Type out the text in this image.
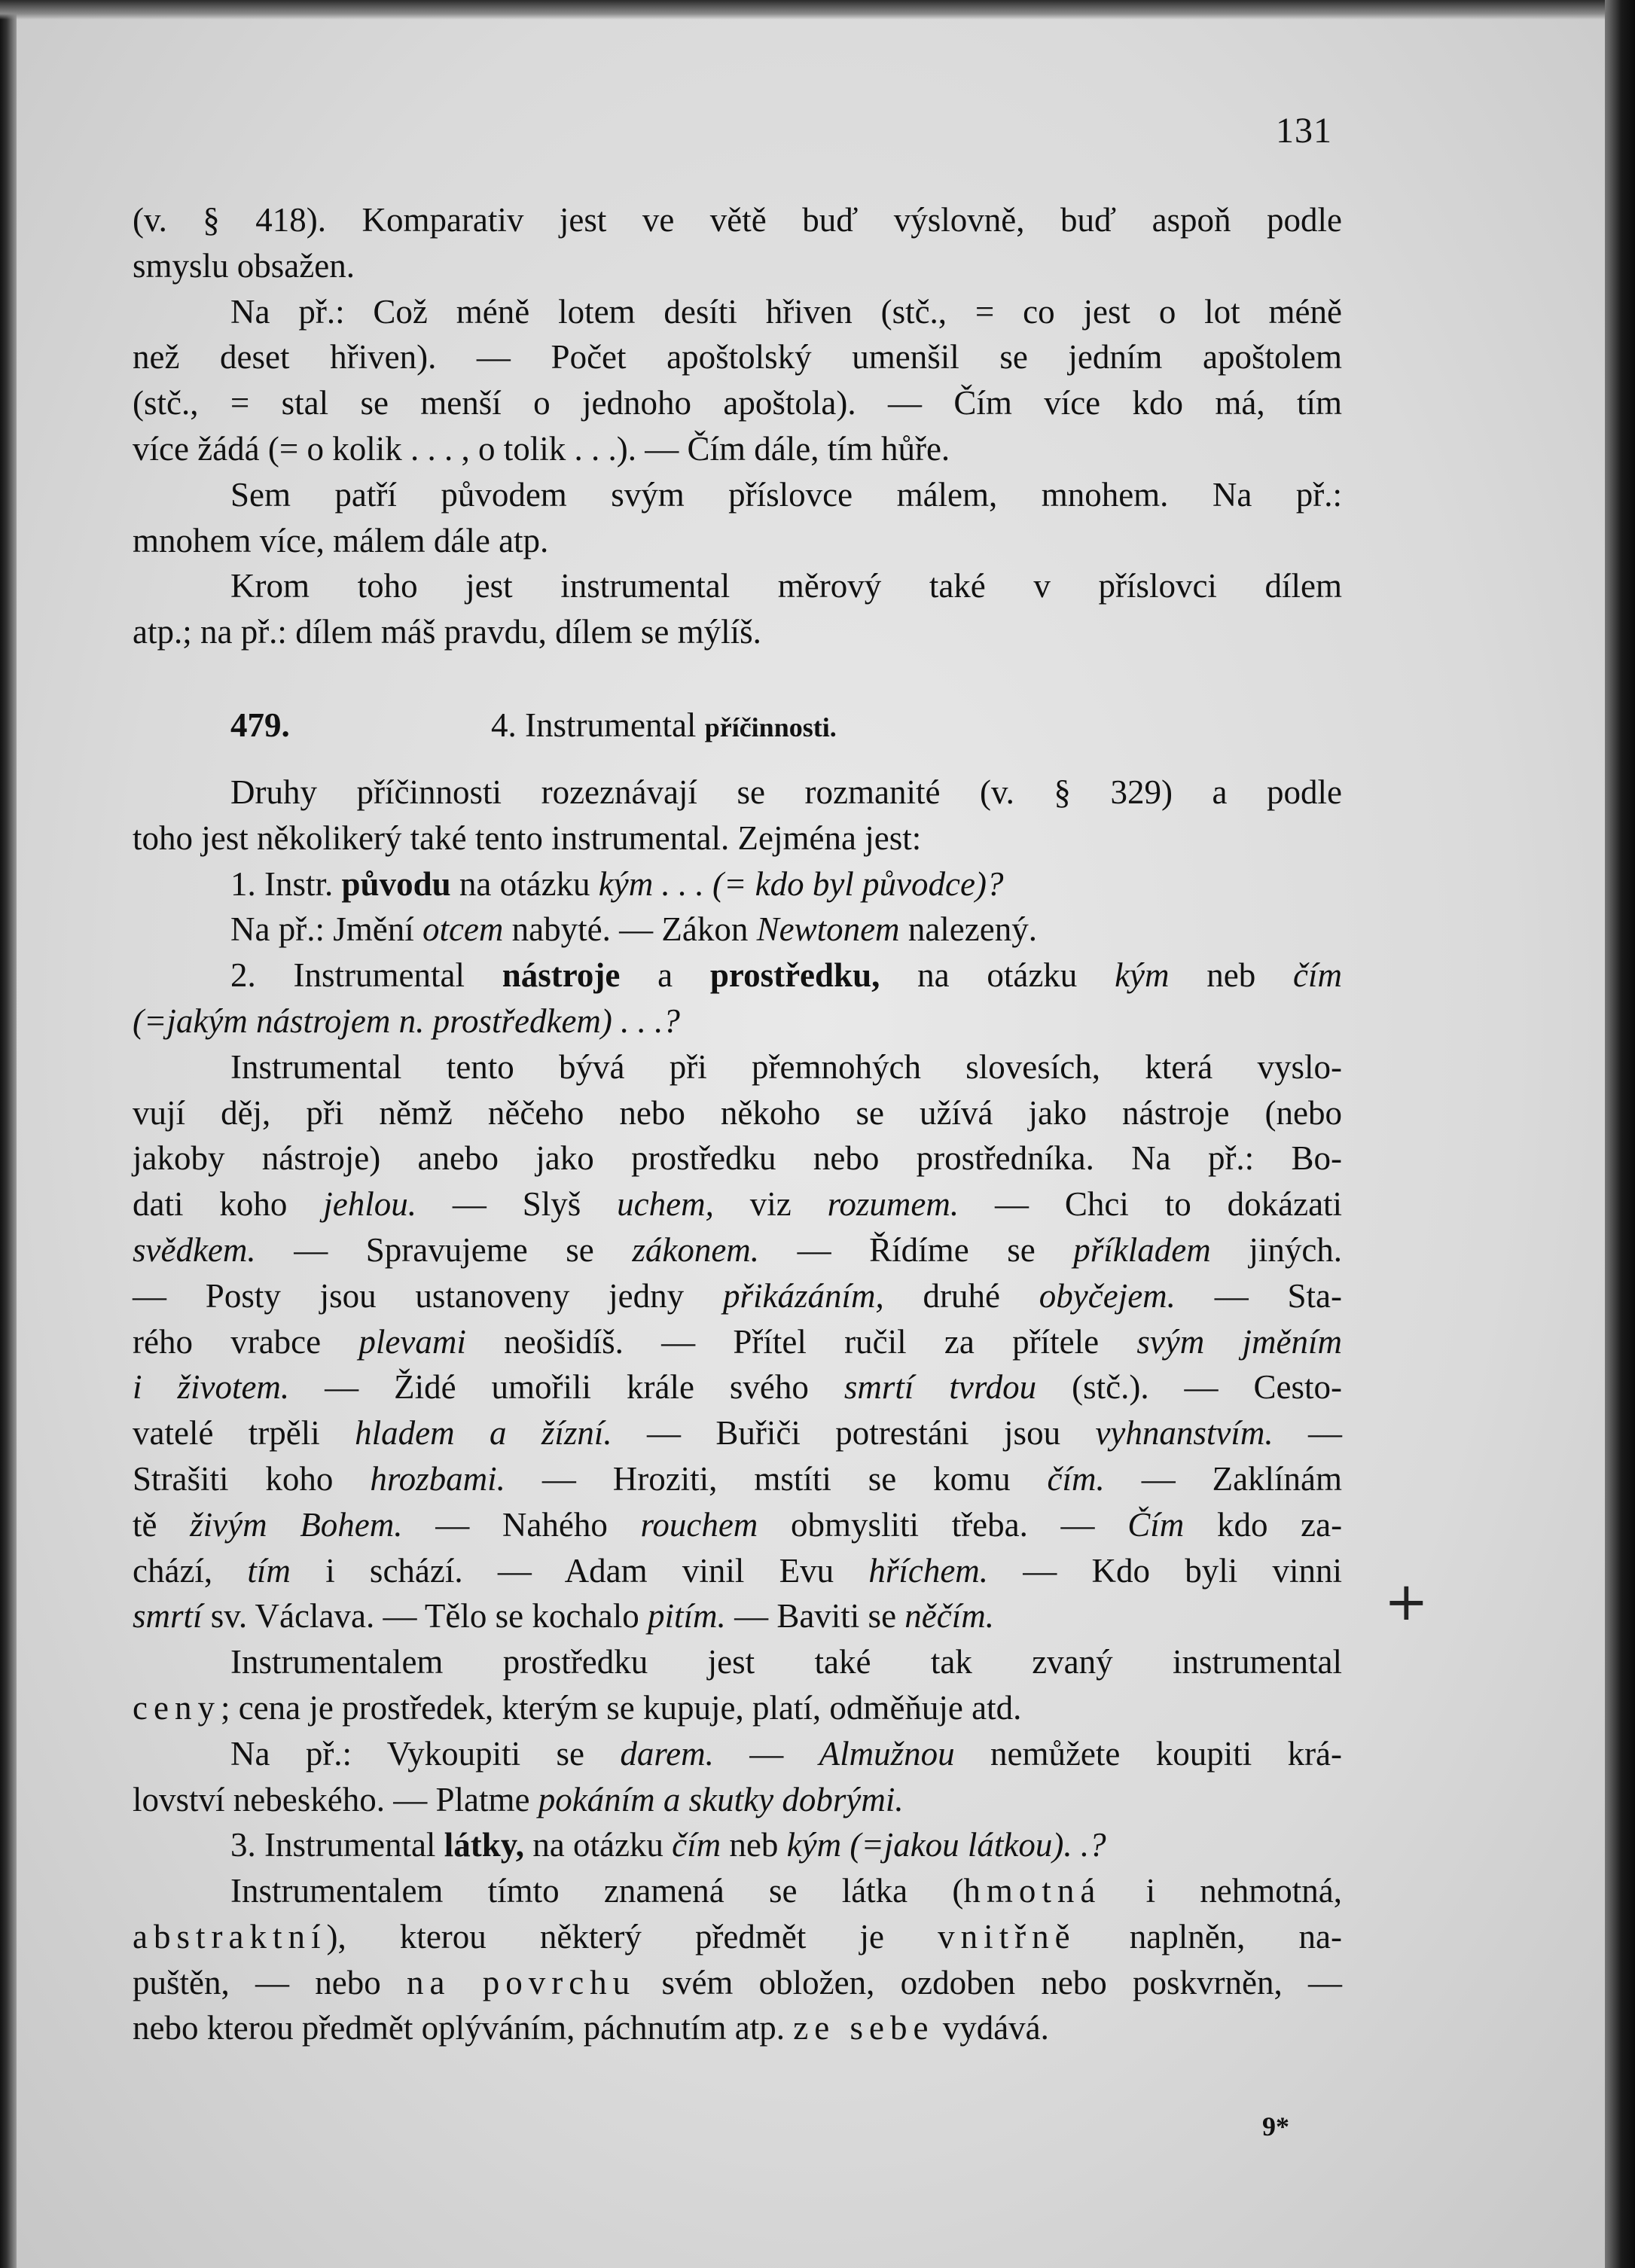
131
(v. § 418). Komparativ jest ve větě buď výslovně, buď aspoň podle
smyslu obsažen.
Na př.: Což méně lotem desíti hřiven (stč., = co jest o lot méně
než deset hřiven). — Počet apoštolský umenšil se jedním apoštolem
(stč., = stal se menší o jednoho apoštola). — Čím více kdo má, tím
více žádá (= o kolik . . . , o tolik . . .). — Čím dále, tím hůře.
Sem patří původem svým příslovce málem, mnohem. Na př.:
mnohem více, málem dále atp.
Krom toho jest instrumental měrový také v příslovci dílem
atp.; na př.: dílem máš pravdu, dílem se mýlíš.
479.	4. Instrumental příčinnosti.
Druhy příčinnosti rozeznávají se rozmanité (v. § 329) a podle
toho jest několikerý také tento instrumental. Zejména jest:
1. Instr. původu na otázku kým . . . (= kdo byl původce)?
Na př.: Jmění otcem nabyté. — Zákon Newtonem nalezený.
2. Instrumental nástroje a prostředku, na otázku kým neb čím
(=jakým nástrojem n. prostředkem) . . .?
Instrumental tento bývá při přemnohých slovesích, která vyslo-
vují děj, při němž něčeho nebo někoho se užívá jako nástroje (nebo
jakoby nástroje) anebo jako prostředku nebo prostředníka. Na př.: Bo-
dati koho jehlou. — Slyš uchem, viz rozumem. — Chci to dokázati
svědkem. — Spravujeme se zákonem. — Řídíme se příkladem jiných.
— Posty jsou ustanoveny jedny přikázáním, druhé obyčejem. — Sta-
rého vrabce plevami neošidíš. — Přítel ručil za přítele svým jměním
i životem. — Židé umořili krále svého smrtí tvrdou (stč.). — Cesto-
vatelé trpěli hladem a žízní. — Buřiči potrestáni jsou vyhnanstvím. —
Strašiti koho hrozbami. — Hroziti, mstíti se komu čím. — Zaklínám
tě živým Bohem. — Nahého rouchem obmysliti třeba. — Čím kdo za-
chází, tím i schází. — Adam vinil Evu hříchem. — Kdo byli vinni
smrtí sv. Václava. — Tělo se kochalo pitím. — Baviti se něčím.
Instrumentalem prostředku jest také tak zvaný instrumental
ceny; cena je prostředek, kterým se kupuje, platí, odměňuje atd.
Na př.: Vykoupiti se darem. — Almužnou nemůžete koupiti krá-
lovství nebeského. — Platme pokáním a skutky dobrými.
3. Instrumental látky, na otázku čím neb kým (=jakou látkou). .?
Instrumentalem tímto znamená se látka (hmotná i nehmotná,
abstraktní), kterou některý předmět je vnitřně naplněn, na-
puštěn, — nebo na povrchu svém obložen, ozdoben nebo poskvrněn, —
nebo kterou předmět oplýváním, páchnutím atp. ze sebe vydává.
+
9*
